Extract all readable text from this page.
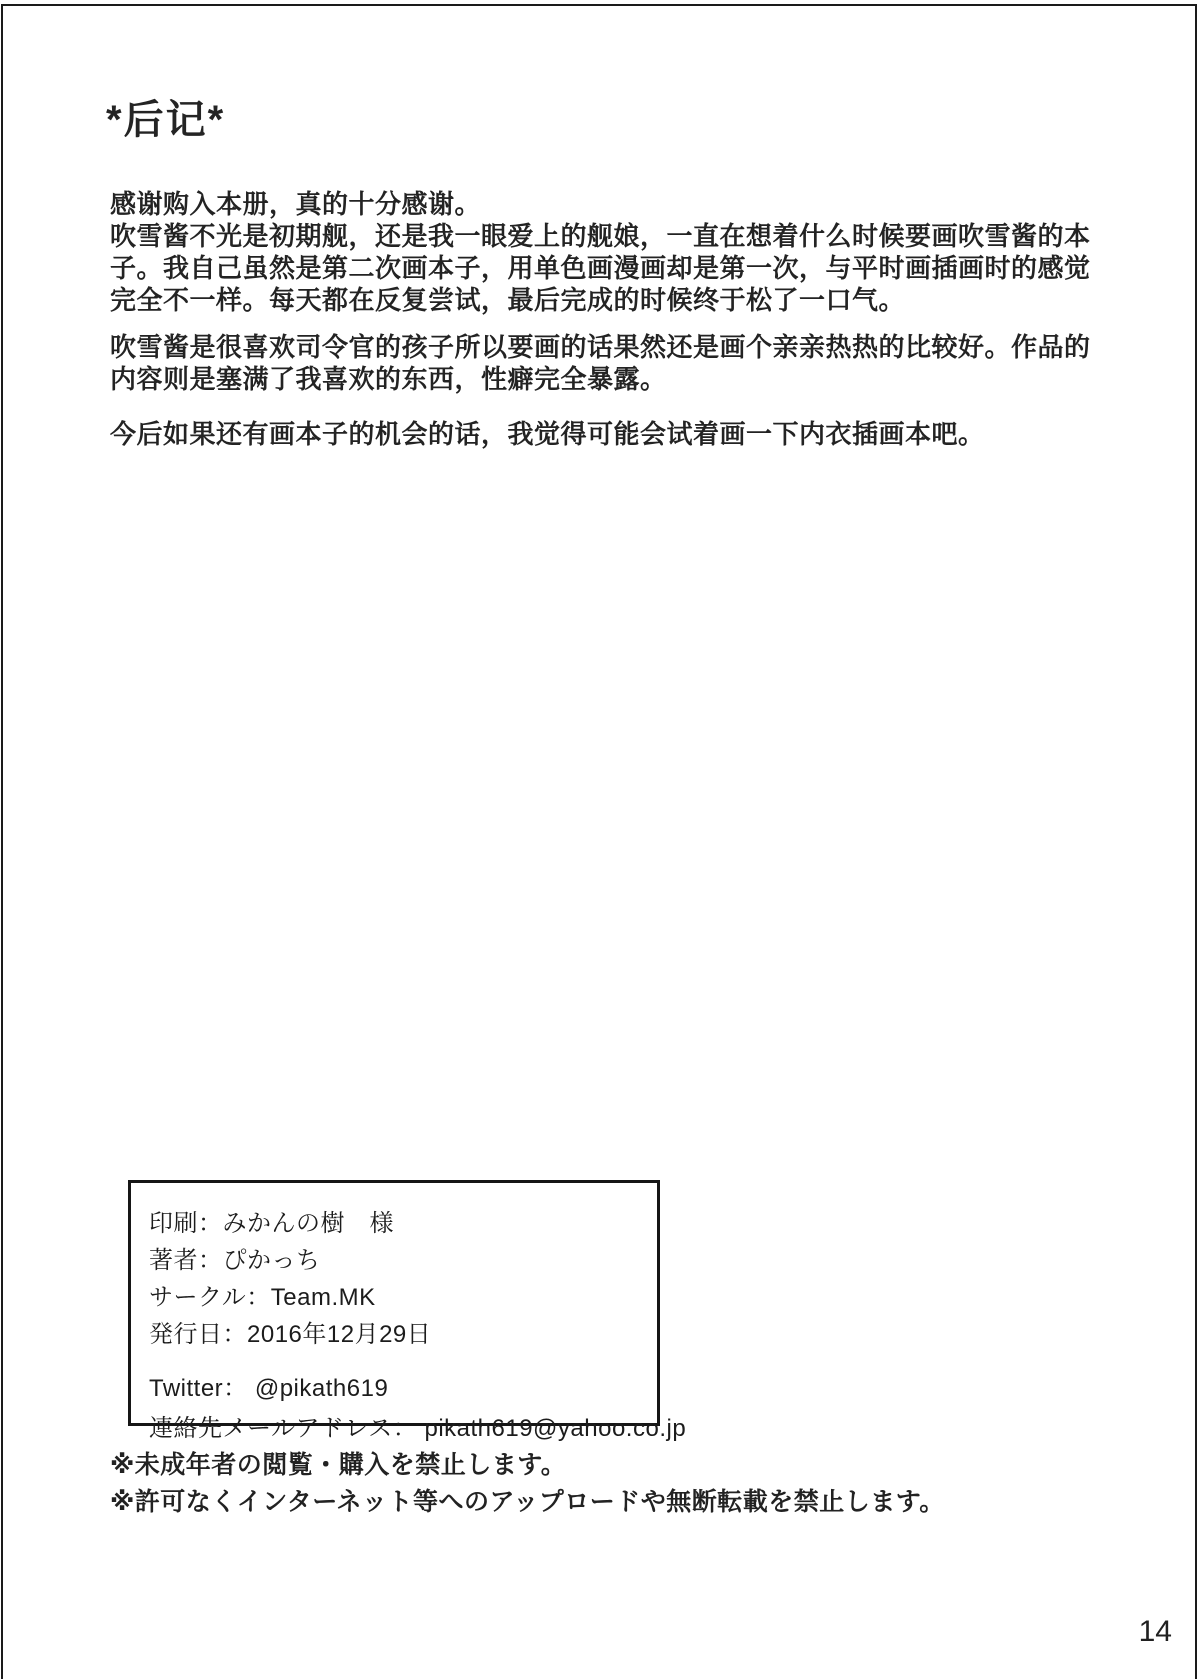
*后记*
感谢购入本册，真的十分感谢。
吹雪酱不光是初期舰，还是我一眼爱上的舰娘，一直在想着什么时候要画吹雪酱的本
子。我自己虽然是第二次画本子，用单色画漫画却是第一次，与平时画插画时的感觉
完全不一样。每天都在反复尝试，最后完成的时候终于松了一口气。
吹雪酱是很喜欢司令官的孩子所以要画的话果然还是画个亲亲热热的比较好。作品的
内容则是塞满了我喜欢的东西，性癖完全暴露。
今后如果还有画本子的机会的话，我觉得可能会试着画一下内衣插画本吧。
印刷：みかんの樹　様
著者：ぴかっち
サークル：Team.MK
発行日：2016年12月29日
Twitter： @pikath619
連絡先メールアドレス： pikath619@yahoo.co.jp
※未成年者の閲覧・購入を禁止します。
※許可なくインターネット等へのアップロードや無断転載を禁止します。
14
